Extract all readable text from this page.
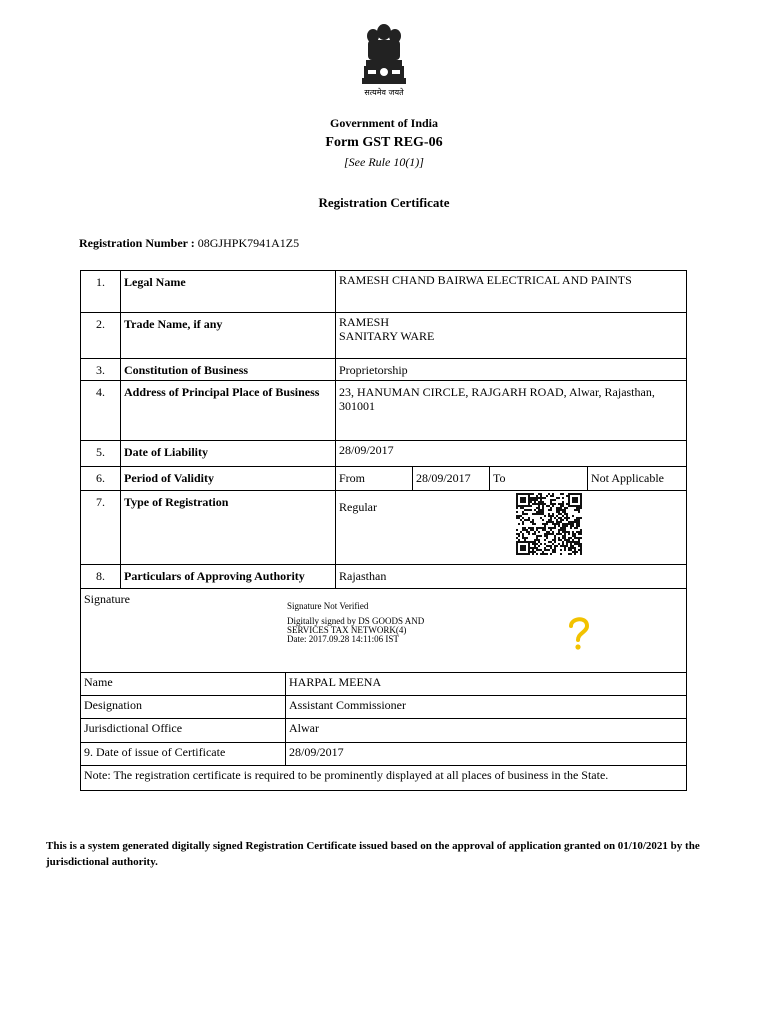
सत्यमेव जयते
Government of India
Form GST REG-06
[See Rule 10(1)]
Registration Certificate
Registration Number : 08GJHPK7941A1Z5
1.	Legal Name	RAMESH CHAND BAIRWA ELECTRICAL AND PAINTS			

2.	Trade Name, if any	RAMESH
SANITARY WARE			

3.	Constitution of Business	Proprietorship			

4.	Address of Principal Place of Business	23, HANUMAN CIRCLE, RAJGARH ROAD, Alwar, Rajasthan, 301001			

5.	Date of Liability	28/09/2017			

6.	Period of Validity	From	28/09/2017	To	Not Applicable

7.	Type of Registration	Regular			

8.	Particulars of Approving Authority	Rajasthan			

Signature Signature Not Verified
Digitally signed by DS GOODS AND
SERVICES TAX NETWORK(4)
Date: 2017.09.28 14:11:06 IST					
Name	HARPAL MEENA
Designation	Assistant Commissioner
Jurisdictional Office	Alwar
9. Date of issue of Certificate	28/09/2017
Note: The registration certificate is required to be prominently displayed at all places of business in the State.	
This is a system generated digitally signed Registration Certificate issued based on the approval of application granted on 01/10/2021 by the jurisdictional authority.
